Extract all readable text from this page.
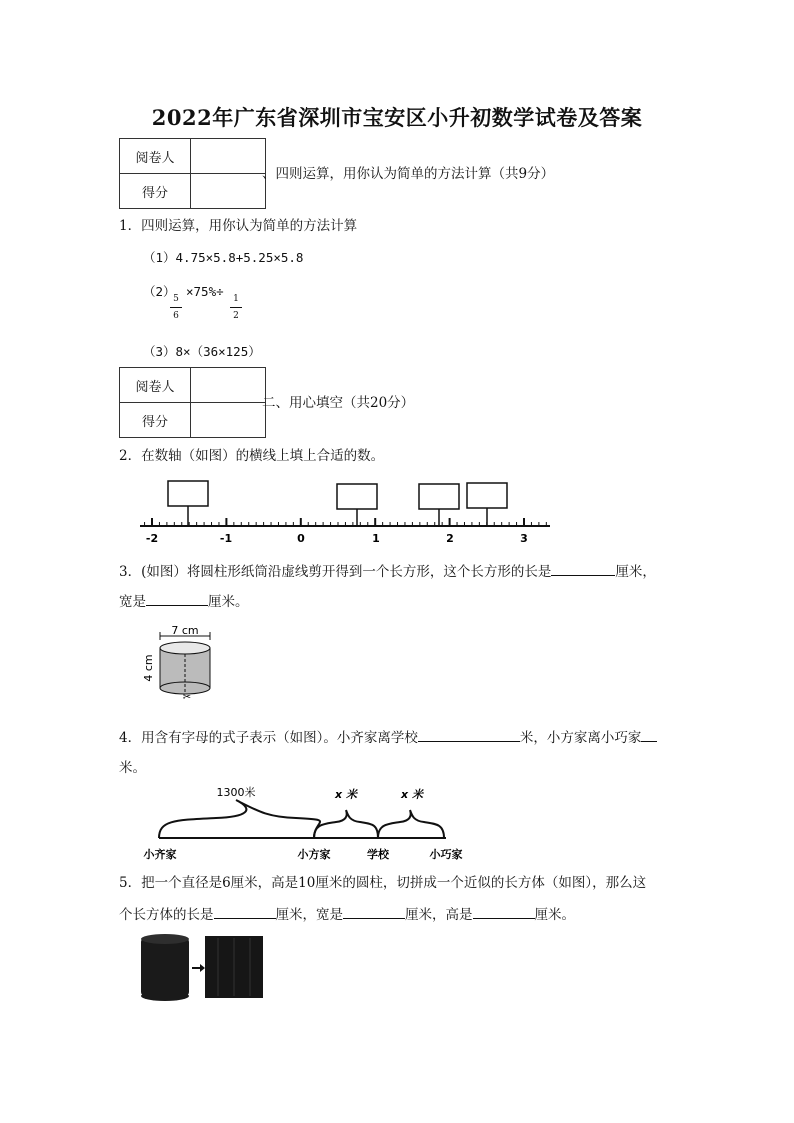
2022年广东省深圳市宝安区小升初数学试卷及答案
阅卷人	
得分	
、四则运算，用你认为简单的方法计算（共9分）
1．四则运算，用你认为简单的方法计算
（1）4.75×5.8+5.25×5.8
（2）
5
6
×75%÷	1
2
（3）8×（36×125）
阅卷人	
得分	
二、用心填空（共20分）
2．在数轴（如图）的横线上填上合适的数。
-2	-1	0	1	2	3
3．(如图）将圆柱形纸筒沿虚线剪开得到一个长方形，这个长方形的长是	厘米，
宽是	厘米。
7 cm
4 cm
✂
4．用含有字母的式子表示（如图）。小齐家离学校	米，小方家离小巧家
米。
1300米	x 米	x 米
小齐家	小方家	学校	小巧家
5．把一个直径是6厘米，高是10厘米的圆柱，切拼成一个近似的长方体（如图），那么这
个长方体的长是	厘米，宽是	厘米，高是	厘米。
